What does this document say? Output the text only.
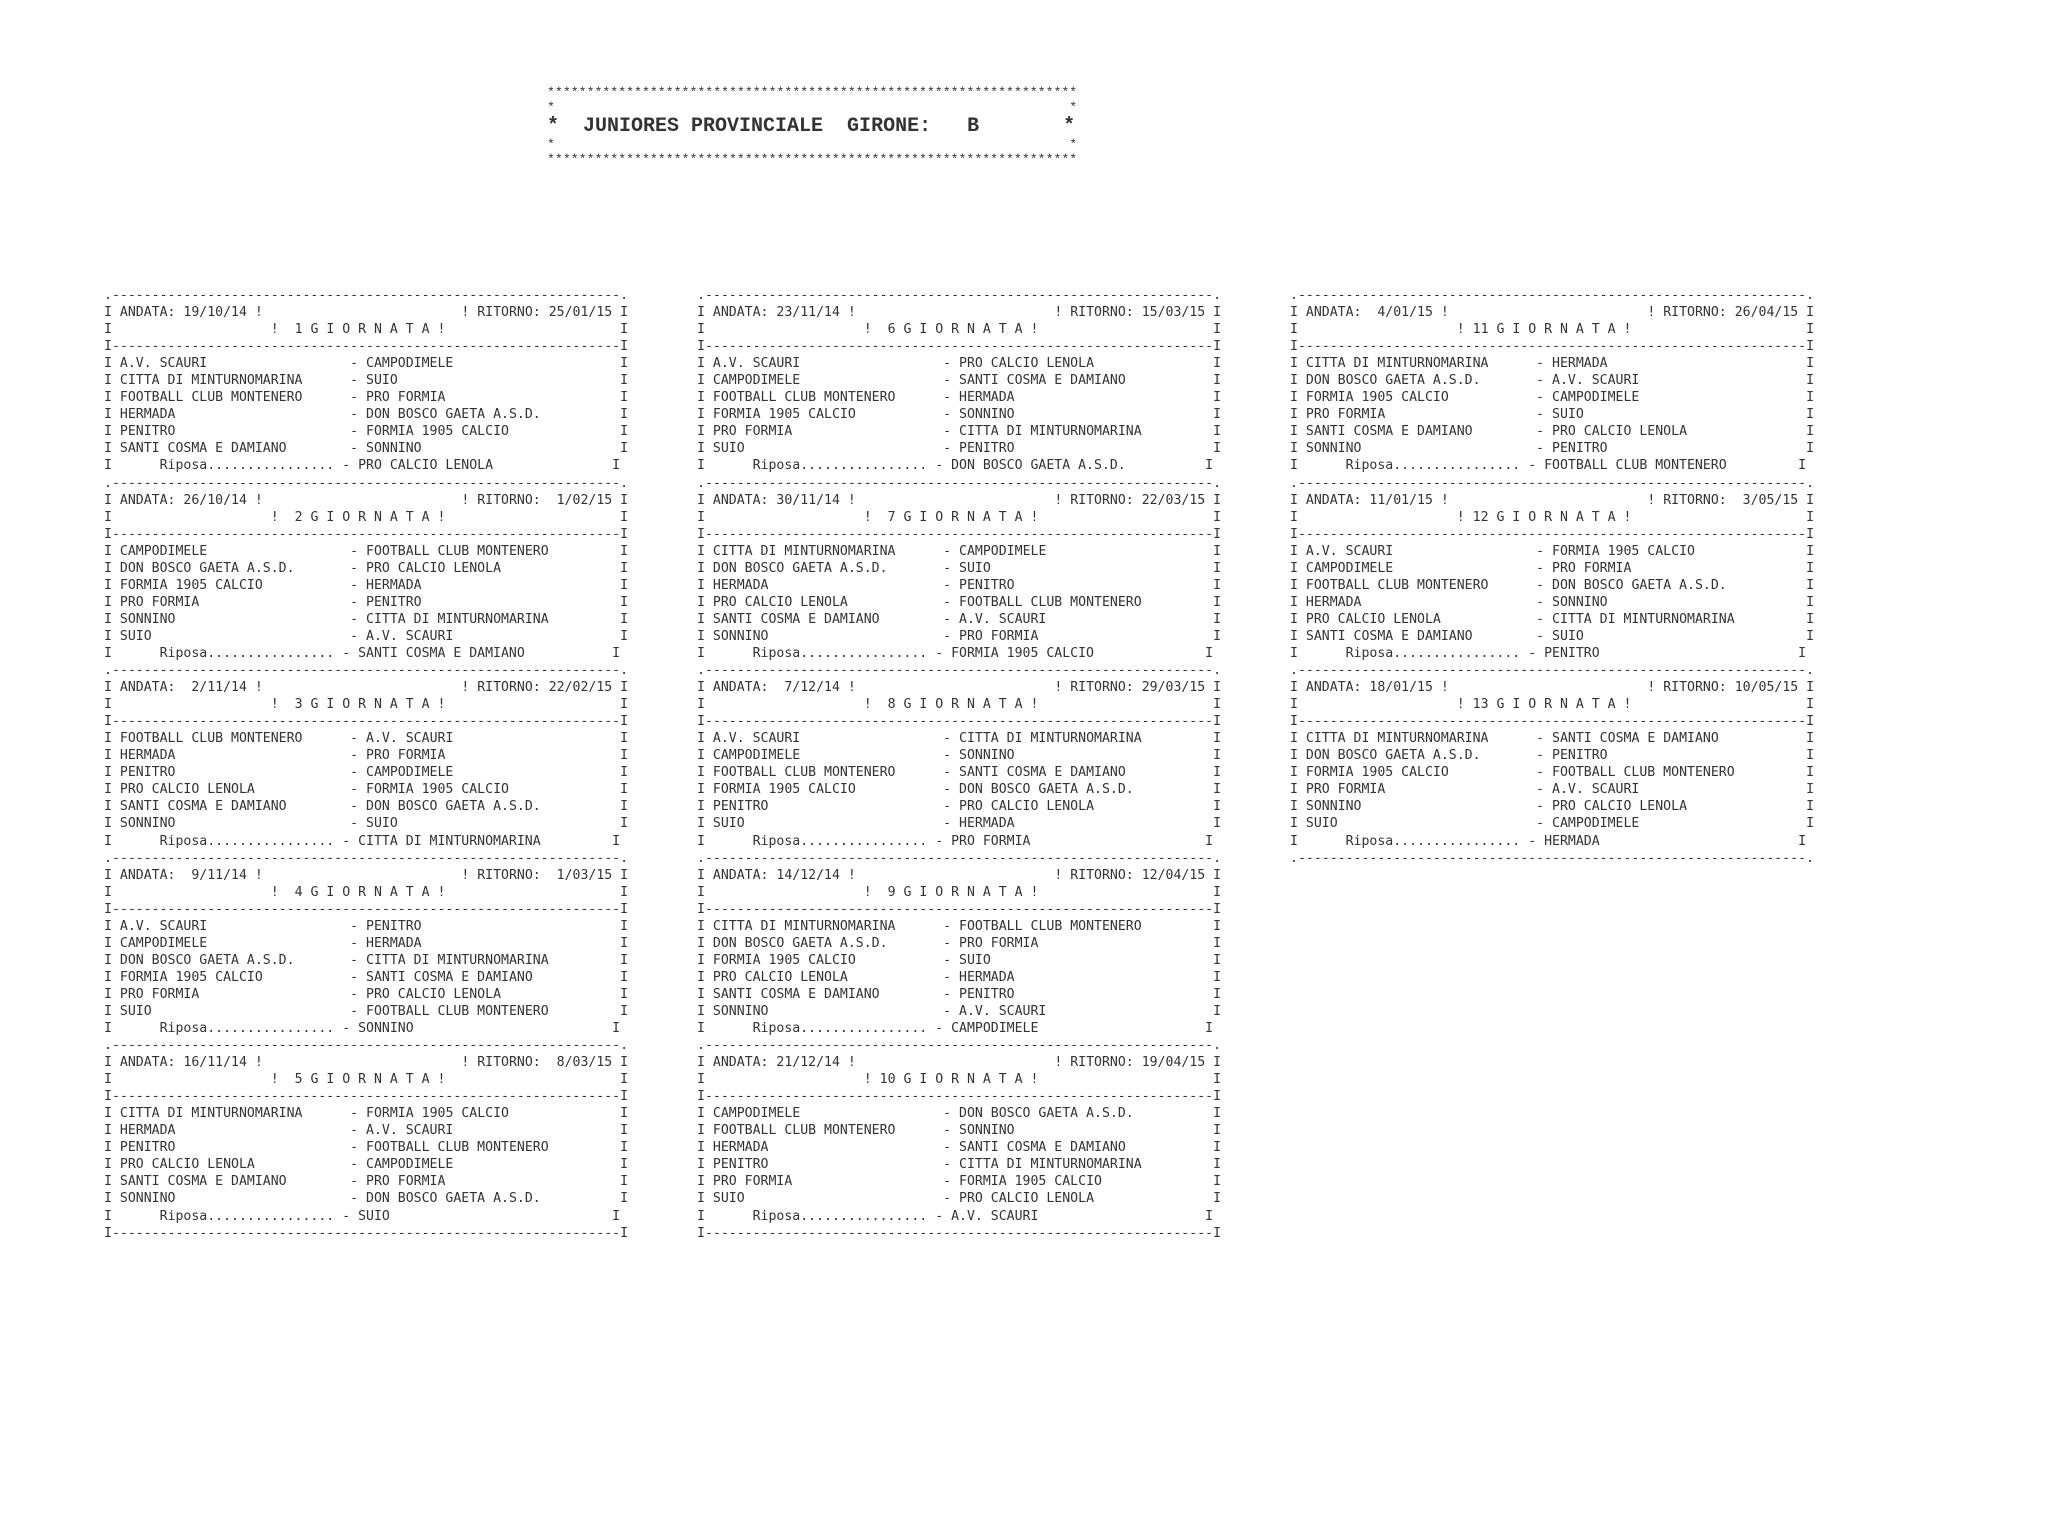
*******************************************************************
*                                                                 *
*  JUNIORES PROVINCIALE  GIRONE:   B       *
*                                                                 *
*******************************************************************
.----------------------------------------------------------------.
I ANDATA: 19/10/14 !                         ! RITORNO: 25/01/15 I
I                    !  1 G I O R N A T A !                      I
I----------------------------------------------------------------I
I A.V. SCAURI                  - CAMPODIMELE	I
I CITTA DI MINTURNOMARINA      - SUIO	I
I FOOTBALL CLUB MONTENERO      - PRO FORMIA	I
I HERMADA                      - DON BOSCO GAETA A.S.D.	I
I PENITRO                      - FORMIA 1905 CALCIO	I
I SANTI COSMA E DAMIANO        - SONNINO	I
I      Riposa................ - PRO CALCIO LENOLA	I
.----------------------------------------------------------------.
I ANDATA: 26/10/14 !                         ! RITORNO:  1/02/15 I
I                    !  2 G I O R N A T A !                      I
I----------------------------------------------------------------I
I CAMPODIMELE                  - FOOTBALL CLUB MONTENERO	I
I DON BOSCO GAETA A.S.D.       - PRO CALCIO LENOLA	I
I FORMIA 1905 CALCIO           - HERMADA	I
I PRO FORMIA                   - PENITRO	I
I SONNINO                      - CITTA DI MINTURNOMARINA	I
I SUIO                         - A.V. SCAURI	I
I      Riposa................ - SANTI COSMA E DAMIANO	I
.----------------------------------------------------------------.
I ANDATA:  2/11/14 !                         ! RITORNO: 22/02/15 I
I                    !  3 G I O R N A T A !                      I
I----------------------------------------------------------------I
I FOOTBALL CLUB MONTENERO      - A.V. SCAURI	I
I HERMADA                      - PRO FORMIA	I
I PENITRO                      - CAMPODIMELE	I
I PRO CALCIO LENOLA            - FORMIA 1905 CALCIO	I
I SANTI COSMA E DAMIANO        - DON BOSCO GAETA A.S.D.	I
I SONNINO                      - SUIO	I
I      Riposa................ - CITTA DI MINTURNOMARINA	I
.----------------------------------------------------------------.
I ANDATA:  9/11/14 !                         ! RITORNO:  1/03/15 I
I                    !  4 G I O R N A T A !                      I
I----------------------------------------------------------------I
I A.V. SCAURI                  - PENITRO	I
I CAMPODIMELE                  - HERMADA	I
I DON BOSCO GAETA A.S.D.       - CITTA DI MINTURNOMARINA	I
I FORMIA 1905 CALCIO           - SANTI COSMA E DAMIANO	I
I PRO FORMIA                   - PRO CALCIO LENOLA	I
I SUIO                         - FOOTBALL CLUB MONTENERO	I
I      Riposa................ - SONNINO	I
.----------------------------------------------------------------.
I ANDATA: 16/11/14 !                         ! RITORNO:  8/03/15 I
I                    !  5 G I O R N A T A !                      I
I----------------------------------------------------------------I
I CITTA DI MINTURNOMARINA      - FORMIA 1905 CALCIO	I
I HERMADA                      - A.V. SCAURI	I
I PENITRO                      - FOOTBALL CLUB MONTENERO	I
I PRO CALCIO LENOLA            - CAMPODIMELE	I
I SANTI COSMA E DAMIANO        - PRO FORMIA	I
I SONNINO                      - DON BOSCO GAETA A.S.D.	I
I      Riposa................ - SUIO	I
I----------------------------------------------------------------I
.----------------------------------------------------------------.
I ANDATA: 23/11/14 !                         ! RITORNO: 15/03/15 I
I                    !  6 G I O R N A T A !                      I
I----------------------------------------------------------------I
I A.V. SCAURI                  - PRO CALCIO LENOLA	I
I CAMPODIMELE                  - SANTI COSMA E DAMIANO	I
I FOOTBALL CLUB MONTENERO      - HERMADA	I
I FORMIA 1905 CALCIO           - SONNINO	I
I PRO FORMIA                   - CITTA DI MINTURNOMARINA	I
I SUIO                         - PENITRO	I
I      Riposa................ - DON BOSCO GAETA A.S.D.	I
.----------------------------------------------------------------.
I ANDATA: 30/11/14 !                         ! RITORNO: 22/03/15 I
I                    !  7 G I O R N A T A !                      I
I----------------------------------------------------------------I
I CITTA DI MINTURNOMARINA      - CAMPODIMELE	I
I DON BOSCO GAETA A.S.D.       - SUIO	I
I HERMADA                      - PENITRO	I
I PRO CALCIO LENOLA            - FOOTBALL CLUB MONTENERO	I
I SANTI COSMA E DAMIANO        - A.V. SCAURI	I
I SONNINO                      - PRO FORMIA	I
I      Riposa................ - FORMIA 1905 CALCIO	I
.----------------------------------------------------------------.
I ANDATA:  7/12/14 !                         ! RITORNO: 29/03/15 I
I                    !  8 G I O R N A T A !                      I
I----------------------------------------------------------------I
I A.V. SCAURI                  - CITTA DI MINTURNOMARINA	I
I CAMPODIMELE                  - SONNINO	I
I FOOTBALL CLUB MONTENERO      - SANTI COSMA E DAMIANO	I
I FORMIA 1905 CALCIO           - DON BOSCO GAETA A.S.D.	I
I PENITRO                      - PRO CALCIO LENOLA	I
I SUIO                         - HERMADA	I
I      Riposa................ - PRO FORMIA	I
.----------------------------------------------------------------.
I ANDATA: 14/12/14 !                         ! RITORNO: 12/04/15 I
I                    !  9 G I O R N A T A !                      I
I----------------------------------------------------------------I
I CITTA DI MINTURNOMARINA      - FOOTBALL CLUB MONTENERO	I
I DON BOSCO GAETA A.S.D.       - PRO FORMIA	I
I FORMIA 1905 CALCIO           - SUIO	I
I PRO CALCIO LENOLA            - HERMADA	I
I SANTI COSMA E DAMIANO        - PENITRO	I
I SONNINO                      - A.V. SCAURI	I
I      Riposa................ - CAMPODIMELE	I
.----------------------------------------------------------------.
I ANDATA: 21/12/14 !                         ! RITORNO: 19/04/15 I
I                    ! 10 G I O R N A T A !                      I
I----------------------------------------------------------------I
I CAMPODIMELE                  - DON BOSCO GAETA A.S.D.	I
I FOOTBALL CLUB MONTENERO      - SONNINO	I
I HERMADA                      - SANTI COSMA E DAMIANO	I
I PENITRO                      - CITTA DI MINTURNOMARINA	I
I PRO FORMIA                   - FORMIA 1905 CALCIO	I
I SUIO                         - PRO CALCIO LENOLA	I
I      Riposa................ - A.V. SCAURI	I
I----------------------------------------------------------------I
.----------------------------------------------------------------.
I ANDATA:  4/01/15 !                         ! RITORNO: 26/04/15 I
I                    ! 11 G I O R N A T A !                      I
I----------------------------------------------------------------I
I CITTA DI MINTURNOMARINA      - HERMADA	I
I DON BOSCO GAETA A.S.D.       - A.V. SCAURI	I
I FORMIA 1905 CALCIO           - CAMPODIMELE	I
I PRO FORMIA                   - SUIO	I
I SANTI COSMA E DAMIANO        - PRO CALCIO LENOLA	I
I SONNINO                      - PENITRO	I
I      Riposa................ - FOOTBALL CLUB MONTENERO	I
.----------------------------------------------------------------.
I ANDATA: 11/01/15 !                         ! RITORNO:  3/05/15 I
I                    ! 12 G I O R N A T A !                      I
I----------------------------------------------------------------I
I A.V. SCAURI                  - FORMIA 1905 CALCIO	I
I CAMPODIMELE                  - PRO FORMIA	I
I FOOTBALL CLUB MONTENERO      - DON BOSCO GAETA A.S.D.	I
I HERMADA                      - SONNINO	I
I PRO CALCIO LENOLA            - CITTA DI MINTURNOMARINA	I
I SANTI COSMA E DAMIANO        - SUIO	I
I      Riposa................ - PENITRO	I
.----------------------------------------------------------------.
I ANDATA: 18/01/15 !                         ! RITORNO: 10/05/15 I
I                    ! 13 G I O R N A T A !                      I
I----------------------------------------------------------------I
I CITTA DI MINTURNOMARINA      - SANTI COSMA E DAMIANO	I
I DON BOSCO GAETA A.S.D.       - PENITRO	I
I FORMIA 1905 CALCIO           - FOOTBALL CLUB MONTENERO	I
I PRO FORMIA                   - A.V. SCAURI	I
I SONNINO                      - PRO CALCIO LENOLA	I
I SUIO                         - CAMPODIMELE	I
I      Riposa................ - HERMADA	I
.----------------------------------------------------------------.
